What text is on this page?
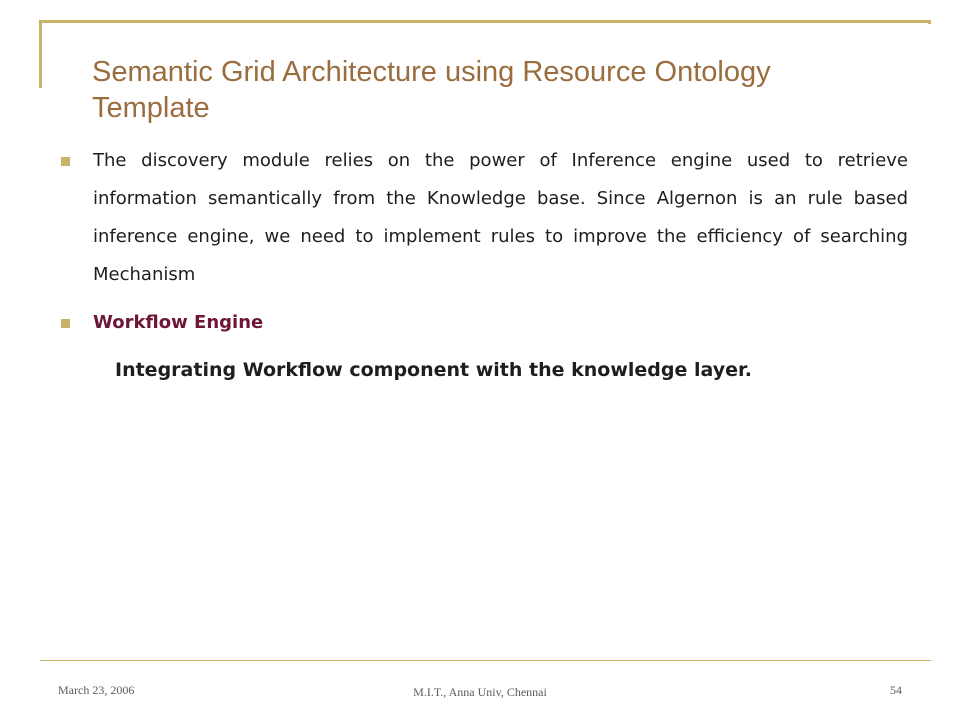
Semantic Grid Architecture using Resource Ontology Template
The discovery module relies on the power of Inference engine used to retrieve information semantically from the Knowledge base. Since Algernon is an rule based inference engine, we need to implement rules to improve the efficiency of searching Mechanism
Workflow Engine
Integrating Workflow component with the knowledge layer.
March 23, 2006	M.I.T., Anna Univ, Chennai	54
